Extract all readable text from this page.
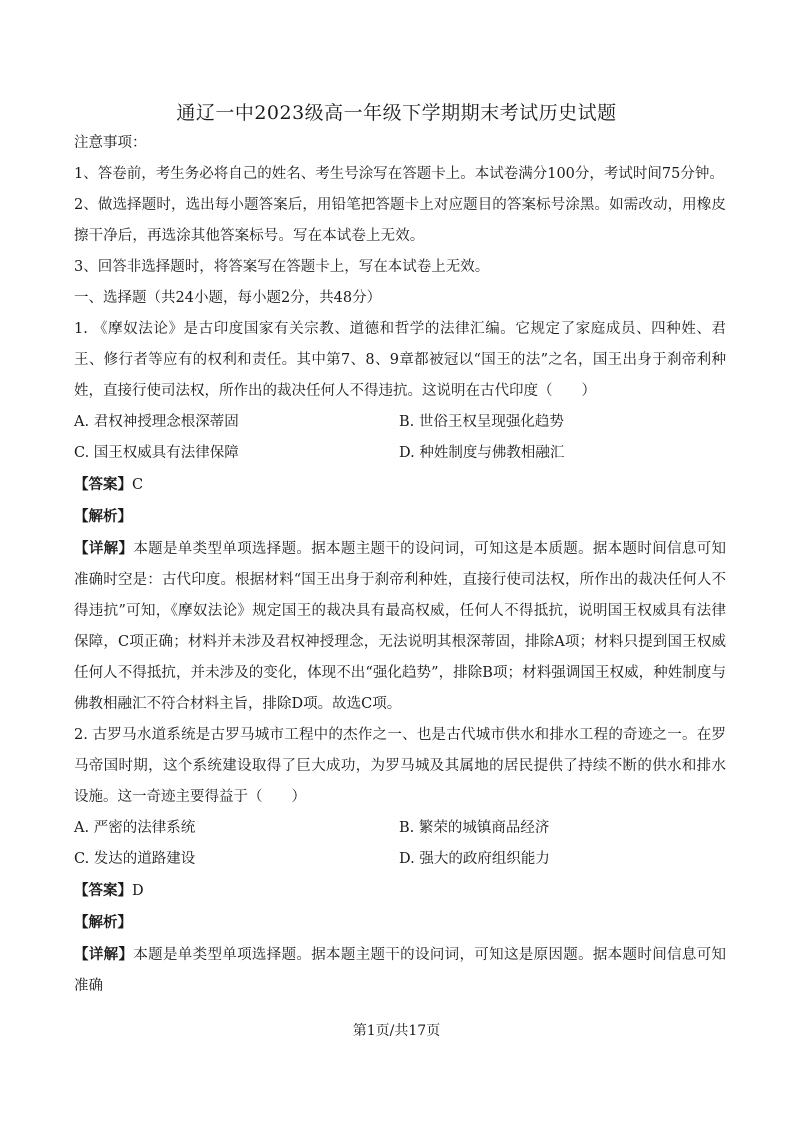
通辽一中2023级高一年级下学期期末考试历史试题

注意事项：

1、答卷前，考生务必将自己的姓名、考生号涂写在答题卡上。本试卷满分100分，考试时间75分钟。

2、做选择题时，选出每小题答案后，用铅笔把答题卡上对应题目的答案标号涂黑。如需改动，用橡皮擦干净后，再选涂其他答案标号。写在本试卷上无效。

3、回答非选择题时，将答案写在答题卡上，写在本试卷上无效。

一、选择题（共24小题，每小题2分，共48分）

1. 《摩奴法论》是古印度国家有关宗教、道德和哲学的法律汇编。它规定了家庭成员、四种姓、君王、修行者等应有的权利和责任。其中第7、8、9章都被冠以“国王的法”之名，国王出身于刹帝利种姓，直接行使司法权，所作出的裁决任何人不得违抗。这说明在古代印度（　　）

A. 君权神授理念根深蒂固	B. 世俗王权呈现强化趋势
C. 国王权威具有法律保障	D. 种姓制度与佛教相融汇

【答案】C

【解析】

【详解】本题是单类型单项选择题。据本题主题干的设问词，可知这是本质题。据本题时间信息可知准确时空是：古代印度。根据材料“国王出身于刹帝利种姓，直接行使司法权，所作出的裁决任何人不得违抗”可知，《摩奴法论》规定国王的裁决具有最高权威，任何人不得抵抗，说明国王权威具有法律保障，C项正确；材料并未涉及君权神授理念，无法说明其根深蒂固，排除A项；材料只提到国王权威任何人不得抵抗，并未涉及的变化，体现不出“强化趋势”，排除B项；材料强调国王权威，种姓制度与佛教相融汇不符合材料主旨，排除D项。故选C项。

2. 古罗马水道系统是古罗马城市工程中的杰作之一、也是古代城市供水和排水工程的奇迹之一。在罗马帝国时期，这个系统建设取得了巨大成功，为罗马城及其属地的居民提供了持续不断的供水和排水设施。这一奇迹主要得益于（　　）

A. 严密的法律系统	B. 繁荣的城镇商品经济
C. 发达的道路建设	D. 强大的政府组织能力

【答案】D

【解析】

【详解】本题是单类型单项选择题。据本题主题干的设问词，可知这是原因题。据本题时间信息可知准确

第1页/共17页
